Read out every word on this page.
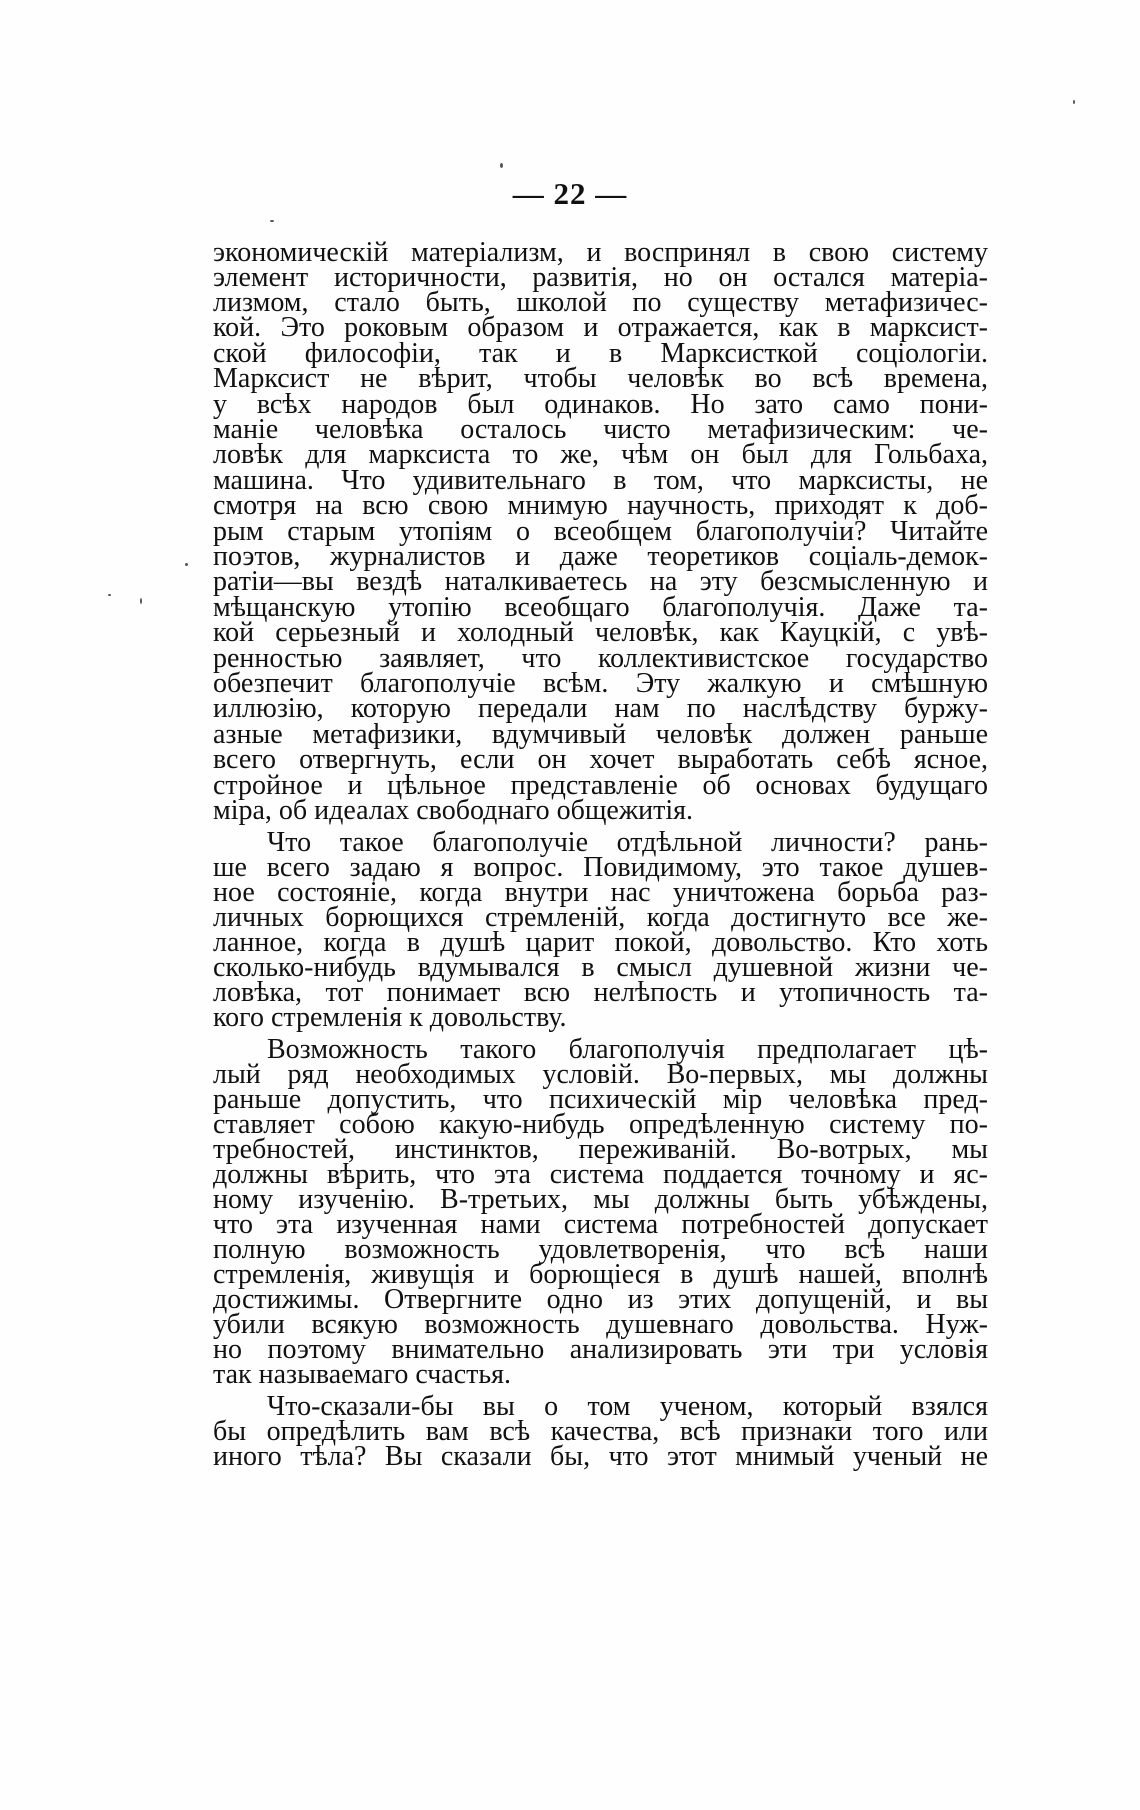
— 22 —
экономическій матеріализм, и воспринял в свою систему
элемент историчности, развитія, но он остался матеріа-
лизмом, стало быть, школой по существу метафизичес-
кой. Это роковым образом и отражается, как в марксист-
ской философіи, так и в Марксисткой соціологіи.
Марксист не вѣрит, чтобы человѣк во всѣ времена,
у всѣх народов был одинаков. Но зато само пони-
маніе человѣка осталось чисто метафизическим: че-
ловѣк для марксиста то же, чѣм он был для Гольбаха,
машина. Что удивительнаго в том, что марксисты, не
смотря на всю свою мнимую научность, приходят к доб-
рым старым утопіям о всеобщем благополучіи? Читайте
поэтов, журналистов и даже теоретиков соціаль-демок-
ратіи—вы вездѣ наталкиваетесь на эту безсмысленную и
мѣщанскую утопію всеобщаго благополучія. Даже та-
кой серьезный и холодный человѣк, как Кауцкій, с увѣ-
ренностью заявляет, что коллективистское государство
обезпечит благополучіе всѣм. Эту жалкую и смѣшную
иллюзію, которую передали нам по наслѣдству буржу-
азные метафизики, вдумчивый человѣк должен раньше
всего отвергнуть, если он хочет выработать себѣ ясное,
стройное и цѣльное представленіе об основах будущаго
міра, об идеалах свободнаго общежитія.
Что такое благополучіе отдѣльной личности? рань-
ше всего задаю я вопрос. Повидимому, это такое душев-
ное состояніе, когда внутри нас уничтожена борьба раз-
личных борющихся стремленій, когда достигнуто все же-
ланное, когда в душѣ царит покой, довольство. Кто хоть
сколько-нибудь вдумывался в смысл душевной жизни че-
ловѣка, тот понимает всю нелѣпость и утопичность та-
кого стремленія к довольству.
Возможность такого благополучія предполагает цѣ-
лый ряд необходимых условій. Во-первых, мы должны
раньше допустить, что психическій мір человѣка пред-
ставляет собою какую-нибудь опредѣленную систему по-
требностей, инстинктов, переживаній. Во-вотрых, мы
должны вѣрить, что эта система поддается точному и яс-
ному изученію. В-третьих, мы должны быть убѣждены,
что эта изученная нами система потребностей допускает
полную возможность удовлетворенія, что всѣ наши
стремленія, живущія и борющіеся в душѣ нашей, вполнѣ
достижимы. Отвергните одно из этих допущеній, и вы
убили всякую возможность душевнаго довольства. Нуж-
но поэтому внимательно анализировать эти три условія
так называемаго счастья.
Что-сказали-бы вы о том ученом, который взялся
бы опредѣлить вам всѣ качества, всѣ признаки того или
иного тѣла? Вы сказали бы, что этот мнимый ученый не
